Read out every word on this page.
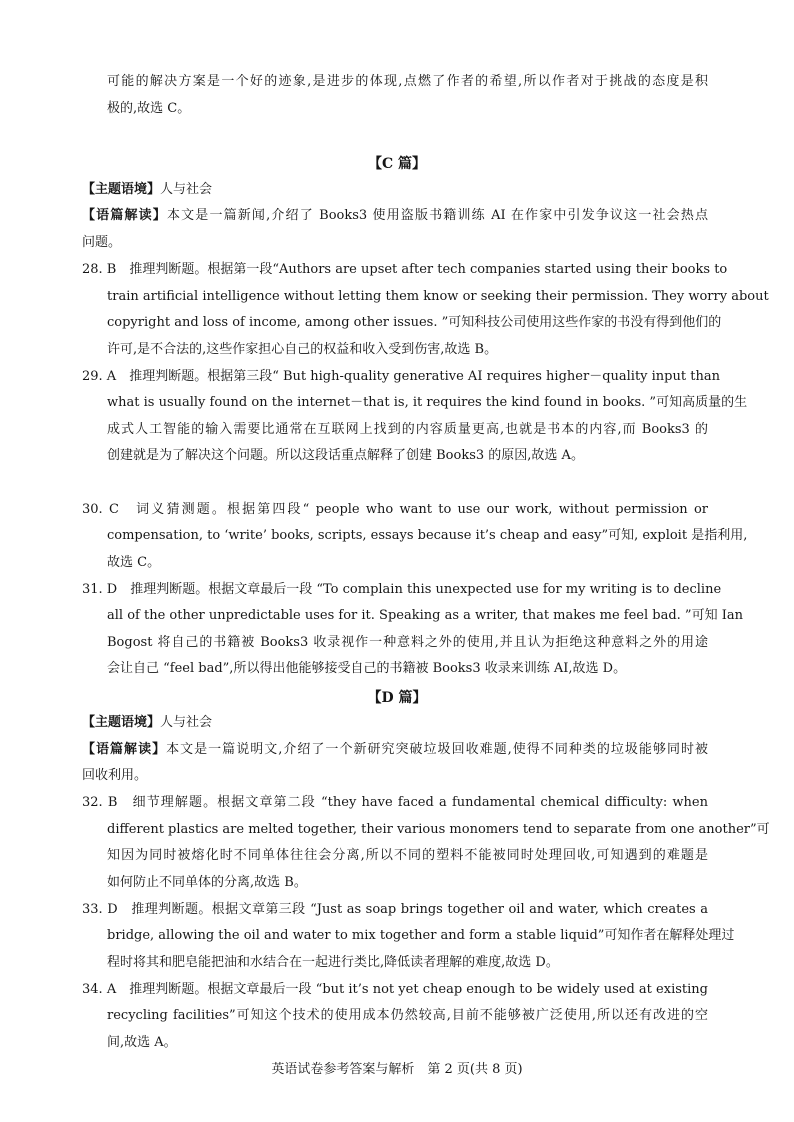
可能的解决方案是一个好的迹象,是进步的体现,点燃了作者的希望,所以作者对于挑战的态度是积
极的,故选 C。
【C 篇】
【主题语境】人与社会
【语篇解读】本文是一篇新闻,介绍了 Books3 使用盗版书籍训练 AI 在作家中引发争议这一社会热点
问题。
28. B　推理判断题。根据第一段“Authors are upset after tech companies started using their books to
train artificial intelligence without letting them know or seeking their permission. They worry about
copyright and loss of income, among other issues. ”可知科技公司使用这些作家的书没有得到他们的
许可,是不合法的,这些作家担心自己的权益和收入受到伤害,故选 B。
29. A　推理判断题。根据第三段“ But high-quality generative AI requires higher－quality input than
what is usually found on the internet－that is, it requires the kind found in books. ”可知高质量的生
成式人工智能的输入需要比通常在互联网上找到的内容质量更高,也就是书本的内容,而 Books3 的
创建就是为了解决这个问题。所以这段话重点解释了创建 Books3 的原因,故选 A。
30. C　词义猜测题。根据第四段“ people who want to use our work, without permission or
compensation, to ‘write’ books, scripts, essays because it’s cheap and easy”可知, exploit 是指利用,
故选 C。
31. D　推理判断题。根据文章最后一段 “To complain this unexpected use for my writing is to decline
all of the other unpredictable uses for it. Speaking as a writer, that makes me feel bad. ”可知 Ian
Bogost 将自己的书籍被 Books3 收录视作一种意料之外的使用,并且认为拒绝这种意料之外的用途
会让自己 “feel bad”,所以得出他能够接受自己的书籍被 Books3 收录来训练 AI,故选 D。
【D 篇】
【主题语境】人与社会
【语篇解读】本文是一篇说明文,介绍了一个新研究突破垃圾回收难题,使得不同种类的垃圾能够同时被
回收利用。
32. B　细节理解题。根据文章第二段 “they have faced a fundamental chemical difficulty: when
different plastics are melted together, their various monomers tend to separate from one another”可
知因为同时被熔化时不同单体往往会分离,所以不同的塑料不能被同时处理回收,可知遇到的难题是
如何防止不同单体的分离,故选 B。
33. D　推理判断题。根据文章第三段 “Just as soap brings together oil and water, which creates a
bridge, allowing the oil and water to mix together and form a stable liquid”可知作者在解释处理过
程时将其和肥皂能把油和水结合在一起进行类比,降低读者理解的难度,故选 D。
34. A　推理判断题。根据文章最后一段 “but it’s not yet cheap enough to be widely used at existing
recycling facilities”可知这个技术的使用成本仍然较高,目前不能够被广泛使用,所以还有改进的空
间,故选 A。
英语试卷参考答案与解析　第 2 页(共 8 页)
